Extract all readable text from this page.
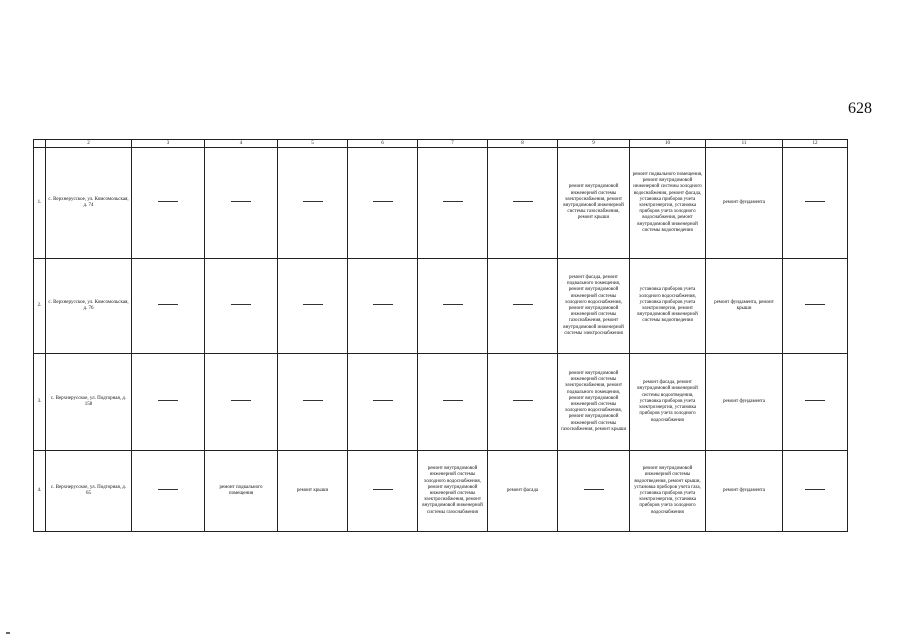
628
	2	3	4	5	6	7	8	9	10	11	12
1.	с. Верхнерусское, ул. Комсомольская, д. 74							ремонт внутридомовой инженерной системы электроснабжения, ремонт внутридомовой инженерной системы газоснабжения, ремонт крыши	ремонт подвального помещения, ремонт внутридомовой инженерной системы холодного водоснабжения, ремонт фасада, установка приборов учета электроэнергии, установка приборов учета холодного водоснабжения, ремонт внутридомовой инженерной системы водоотведения	ремонт фундамента	
2.	с. Верхнерусское, ул. Комсомольская, д. 76							ремонт фасада, ремонт подвального помещения, ремонт внутридомовой инженерной системы холодного водоснабжения, ремонт внутридомовой инженерной системы газоснабжения, ремонт внутридомовой инженерной системы электроснабжения	установка приборов учета холодного водоснабжения, установка приборов учета электроэнергии, ремонт внутридомовой инженерной системы водоотведения	ремонт фундамента, ремонт крыши	
3.	с. Верхнерусское, ул. Подгорная, д. 158							ремонт внутридомовой инженерной системы электроснабжения, ремонт подвального помещения, ремонт внутридомовой инженерной системы холодного водоснабжения, ремонт внутридомовой инженерной системы газоснабжения, ремонт крыши	ремонт фасада, ремонт внутридомовой инженерной системы водоотведения, установка приборов учета электроэнергии, установка приборов учета холодного водоснабжения	ремонт фундамента	
4.	с. Верхнерусское, ул. Подгорная, д. 65		ремонт подвального помещения	ремонт крыши		ремонт внутридомовой инженерной системы холодного водоснабжения, ремонт внутридомовой инженерной системы электроснабжения, ремонт внутридомовой инженерной системы газоснабжения	ремонт фасада		ремонт внутридомовой инженерной системы водоотведения, ремонт крыши, установка приборов учета газа, установка приборов учета электроэнергии, установка приборов учета холодного водоснабжения	ремонт фундамента	
